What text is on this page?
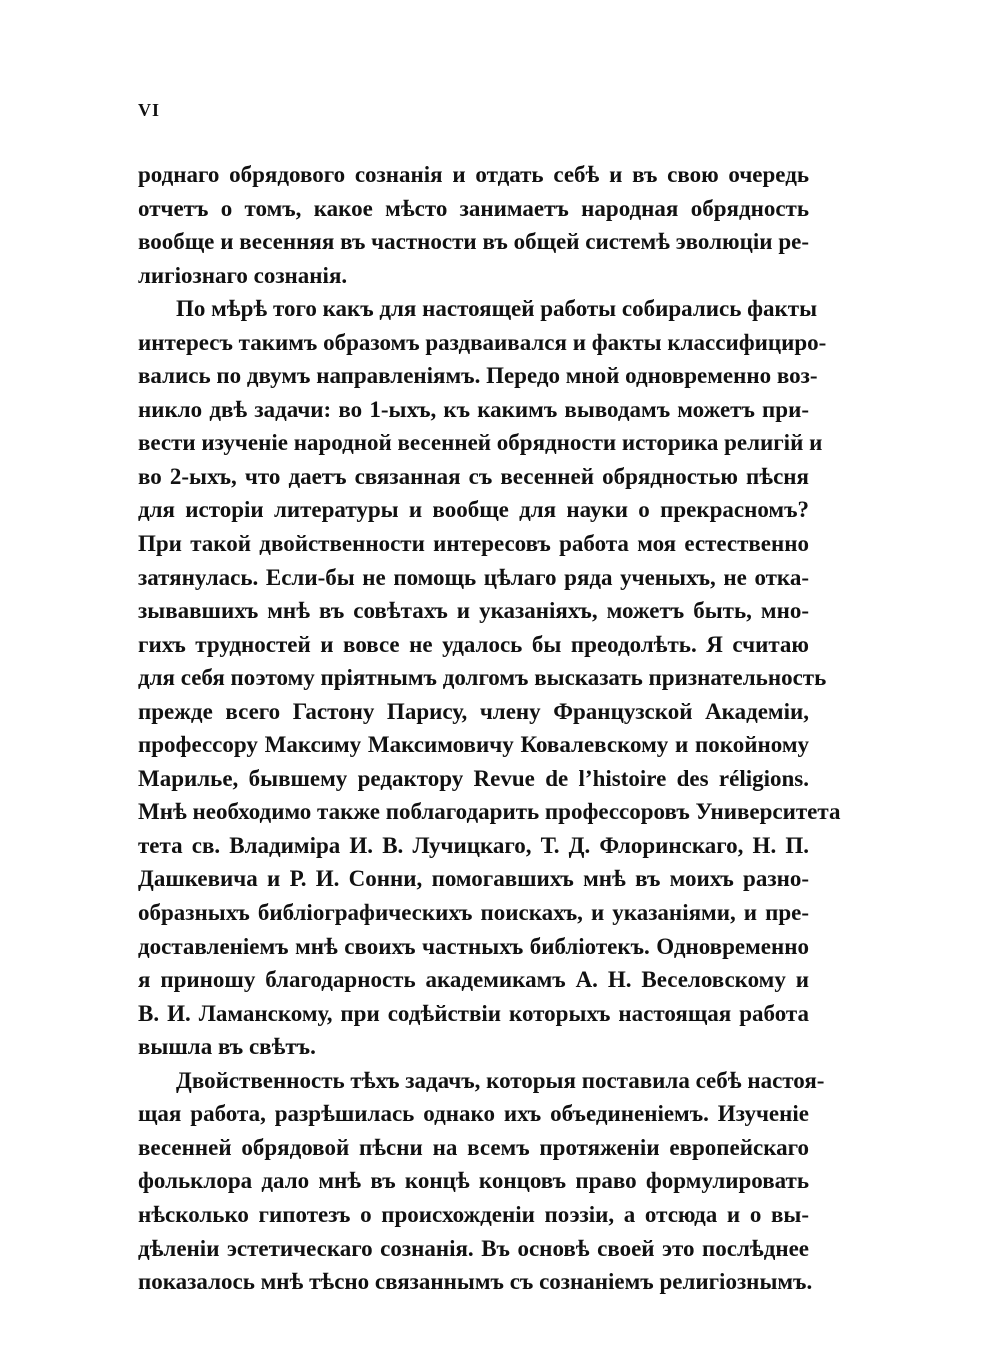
VI
роднаго обрядового сознанія и отдать себѣ и въ свою очередь
отчетъ о томъ, какое мѣсто занимаетъ народная обрядность
вообще и весенняя въ частности въ общей системѣ эволюціи ре-
лигіознаго сознанія.
По мѣрѣ того какъ для настоящей работы собирались факты
интересъ такимъ образомъ раздваивался и факты классифициро-
вались по двумъ направленіямъ. Передо мной одновременно воз-
никло двѣ задачи: во 1-ыхъ, къ какимъ выводамъ можетъ при-
вести изученіе народной весенней обрядности историка религій и
во 2-ыхъ, что даетъ связанная съ весенней обрядностью пѣсня
для исторіи литературы и вообще для науки о прекрасномъ?
При такой двойственности интересовъ работа моя естественно
затянулась. Если-бы не помощь цѣлаго ряда ученыхъ, не отка-
зывавшихъ мнѣ въ совѣтахъ и указаніяхъ, можетъ быть, мно-
гихъ трудностей и вовсе не удалось бы преодолѣть. Я считаю
для себя поэтому пріятнымъ долгомъ высказать признательность
прежде всего Гастону Парису, члену Французской Академіи,
профессору Максиму Максимовичу Ковалевскому и покойному
Марилье, бывшему редактору Revue de l’histoire des réligions.
Мнѣ необходимо также поблагодарить профессоровъ Университета
тета св. Владиміра И. В. Лучицкаго, Т. Д. Флоринскаго, Н. П.
Дашкевича и Р. И. Сонни, помогавшихъ мнѣ въ моихъ разно-
образныхъ библіографическихъ поискахъ, и указаніями, и пре-
доставленіемъ мнѣ своихъ частныхъ библіотекъ. Одновременно
я приношу благодарность академикамъ А. Н. Веселовскому и
В. И. Ламанскому, при содѣйствіи которыхъ настоящая работа
вышла въ свѣтъ.
Двойственность тѣхъ задачъ, которыя поставила себѣ настоя-
щая работа, разрѣшилась однако ихъ объединеніемъ. Изученіе
весенней обрядовой пѣсни на всемъ протяженіи европейскаго
фольклора дало мнѣ въ концѣ концовъ право формулировать
нѣсколько гипотезъ о происхожденіи поэзіи, а отсюда и о вы-
дѣленіи эстетическаго сознанія. Въ основѣ своей это послѣднее
показалось мнѣ тѣсно связаннымъ съ сознаніемъ религіознымъ.
